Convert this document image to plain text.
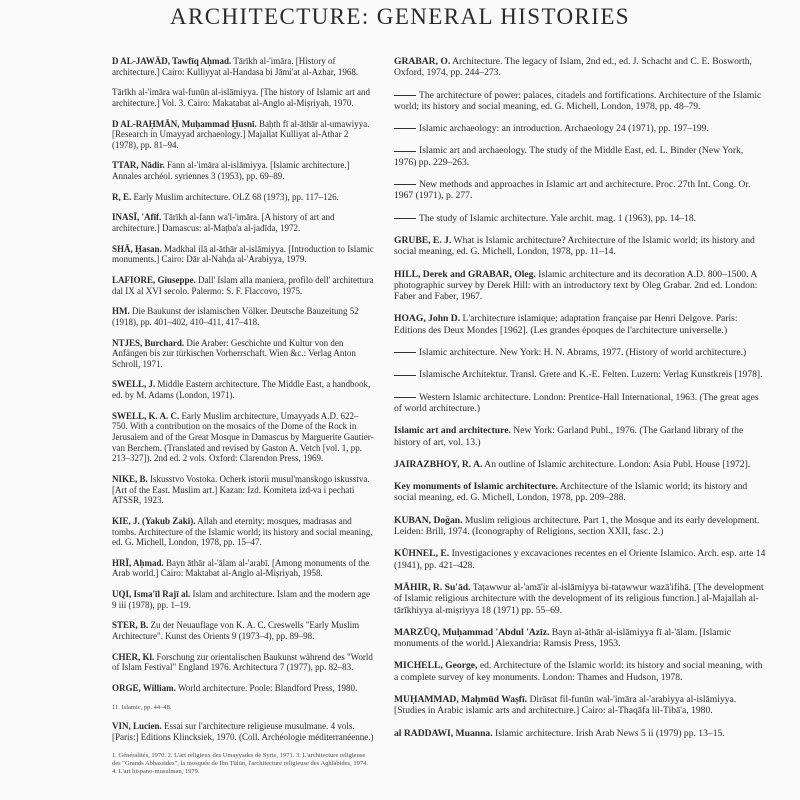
ARCHITECTURE: GENERAL HISTORIES
D AL-JAWĀD, Tawfīq Aḥmad. Tārīkh al-'imāra. [History of architecture.] Cairo: Kulliyyat al-Handasa bi Jāmi'at al-Azhar, 1968.
Tārīkh al-'imāra wal-funūn al-islāmiyya. [The history of Islamic art and architecture.] Vol. 3. Cairo: Makatabat al-Anglo al-Miṣriyah, 1970.
D AL-RAḤMĀN, Muḥammad Ḥusnī. Baḥth fī al-āthār al-umawiyya. [Research in Umayyad archaeology.] Majallat Kulliyat al-Athar 2 (1978), pp. 81–94.
TTAR, Nādir. Fann al-'imāra al-islāmiyya. [Islamic architecture.] Annales archéol. syriennes 3 (1953), pp. 69–89.
R, E. Early Muslim architecture. OLZ 68 (1973), pp. 117–126.
INASĪ, 'Afīf. Tārīkh al-fann wa'l-'imāra. [A history of art and architecture.] Damascus: al-Maṭba'a al-jadīda, 1972.
SHĀ, Ḥasan. Madkhal ilā al-āthār al-islāmiyya. [Introduction to Islamic monuments.] Cairo: Dār al-Nahḍa al-'Arabiyya, 1979.
LAFIORE, Giuseppe. Dall' Islam alla maniera, profilo dell' architettura dal IX al XVI secolo. Palermo: S. F. Flaccovo, 1975.
HM. Die Baukunst der islamischen Völker. Deutsche Bauzeitung 52 (1918), pp. 401–402, 410–411, 417–418.
NTJES, Burchard. Die Araber: Geschichte und Kultur von den Anfängen bis zur türkischen Vorherrschaft. Wien &c.: Verlag Anton Schroll, 1971.
SWELL, J. Middle Eastern architecture. The Middle East, a handbook, ed. by M. Adams (London, 1971).
SWELL, K. A. C. Early Muslim architecture, Umayyads A.D. 622–750. With a contribution on the mosaics of the Dome of the Rock in Jerusalem and of the Great Mosque in Damascus by Marguerite Gautier-van Berchem. (Translated and revised by Gaston A. Vetch [vol. 1, pp. 213–327]). 2nd ed. 2 vols. Oxford: Clarendon Press, 1969.
NIKE, B. Iskusstvo Vostoka. Ocherk istorii musul'manskogo iskusstva. [Art of the East. Muslim art.] Kazan: Izd. Komiteta izd-va i pechati ATSSR, 1923.
KIE, J. (Yakub Zaki). Allah and eternity: mosques, madrasas and tombs. Architecture of the Islamic world; its history and social meaning, ed. G. Michell, London, 1978, pp. 15–47.
HRĪ, Aḥmad. Bayn āthār al-'ālam al-'arabī. [Among monuments of the Arab world.] Cairo: Maktabat al-Anglo al-Miṣriyah, 1958.
UQI, Isma'īl Rajī al. Islam and architecture. Islam and the modern age 9 iii (1978), pp. 1–19.
STER, B. Zu der Neuauflage von K. A. C. Creswells "Early Muslim Architecture". Kunst des Orients 9 (1973–4), pp. 89–98.
CHER, Kl. Forschung zur orientalischen Baukunst während des "World of Islam Festival" England 1976. Architectura 7 (1977), pp. 82–83.
ORGE, William. World architecture. Poole: Blandford Press, 1980.
11. Islamic, pp. 44–48.
VIN, Lucien. Essai sur l'architecture religieuse musulmane. 4 vols. [Paris:] Editions Klincksiek, 1970. (Coll. Archéologie méditerranéenne.)
1. Généralités, 1970. 2. L'art religieux des Umayyades de Syrie, 1971. 3. L'architecture religieuse des "Grands Abbassides", la mosquée de Ibn Ṭūlūn, l'architecture religieuse des Aghlabides, 1974. 4. L'art hispano-musulman, 1979.
GRABAR, O. Architecture. The legacy of Islam, 2nd ed., ed. J. Schacht and C. E. Bosworth, Oxford, 1974, pp. 244–273.
The architecture of power: palaces, citadels and fortifications. Architecture of the Islamic world; its history and social meaning, ed. G. Michell, London, 1978, pp. 48–79.
Islamic archaeology: an introduction. Archaeology 24 (1971), pp. 197–199.
Islamic art and archaeology. The study of the Middle East, ed. L. Binder (New York, 1976) pp. 229–263.
New methods and approaches in Islamic art and architecture. Proc. 27th Int. Cong. Or. 1967 (1971), p. 277.
The study of Islamic architecture. Yale archit. mag. 1 (1963), pp. 14–18.
GRUBE, E. J. What is Islamic architecture? Architecture of the Islamic world; its history and social meaning, ed. G. Michell, London, 1978, pp. 11–14.
HILL, Derek and GRABAR, Oleg. Islamic architecture and its decoration A.D. 800–1500. A photographic survey by Derek Hill: with an introductory text by Oleg Grabar. 2nd ed. London: Faber and Faber, 1967.
HOAG, John D. L'architecture islamique; adaptation française par Henri Delgove. Paris: Editions des Deux Mondes [1962]. (Les grandes époques de l'architecture universelle.)
Islamic architecture. New York: H. N. Abrams, 1977. (History of world architecture.)
Islamische Architektur. Transl. Grete and K.-E. Felten. Luzern: Verlag Kunstkreis [1978].
Western Islamic architecture. London: Prentice-Hall International, 1963. (The great ages of world architecture.)
Islamic art and architecture. New York: Garland Publ., 1976. (The Garland library of the history of art, vol. 13.)
JAIRAZBHOY, R. A. An outline of Islamic architecture. London: Asia Publ. House [1972].
Key monuments of Islamic architecture. Architecture of the Islamic world; its history and social meaning, ed. G. Michell, London, 1978, pp. 209–288.
KUBAN, Doğan. Muslim religious architecture. Part 1, the Mosque and its early development. Leiden: Brill, 1974. (Iconography of Religions, section XXII, fasc. 2.)
KÜHNEL, E. Investigaciones y excavaciones recentes en el Oriente Islamico. Arch. esp. arte 14 (1941), pp. 421–428.
MĀHIR, R. Su'ād. Taṭawwur al-'amā'ir al-islāmiyya bi-taṭawwur wazā'ifihā. [The development of Islamic religious architecture with the development of its religious function.] al-Majallah al-tārīkhiyya al-miṣriyya 18 (1971) pp. 55–69.
MARZŪQ, Muḥammad 'Abdul 'Azīz. Bayn al-āthār al-islāmiyya fī al-'ālam. [Islamic monuments of the world.] Alexandria: Ramsis Press, 1953.
MICHELL, George, ed. Architecture of the Islamic world: its history and social meaning, with a complete survey of key monuments. London: Thames and Hudson, 1978.
MUḤAMMAD, Maḥmūd Waṣfī. Dirāsat fil-funūn wal-'imāra al-'arabiyya al-islāmiyya. [Studies in Arabic islamic arts and architecture.] Cairo: al-Thaqāfa lil-Tibā'a, 1980.
al RADDAWI, Muanna. Islamic architecture. Irish Arab News 5 ii (1979) pp. 13–15.
